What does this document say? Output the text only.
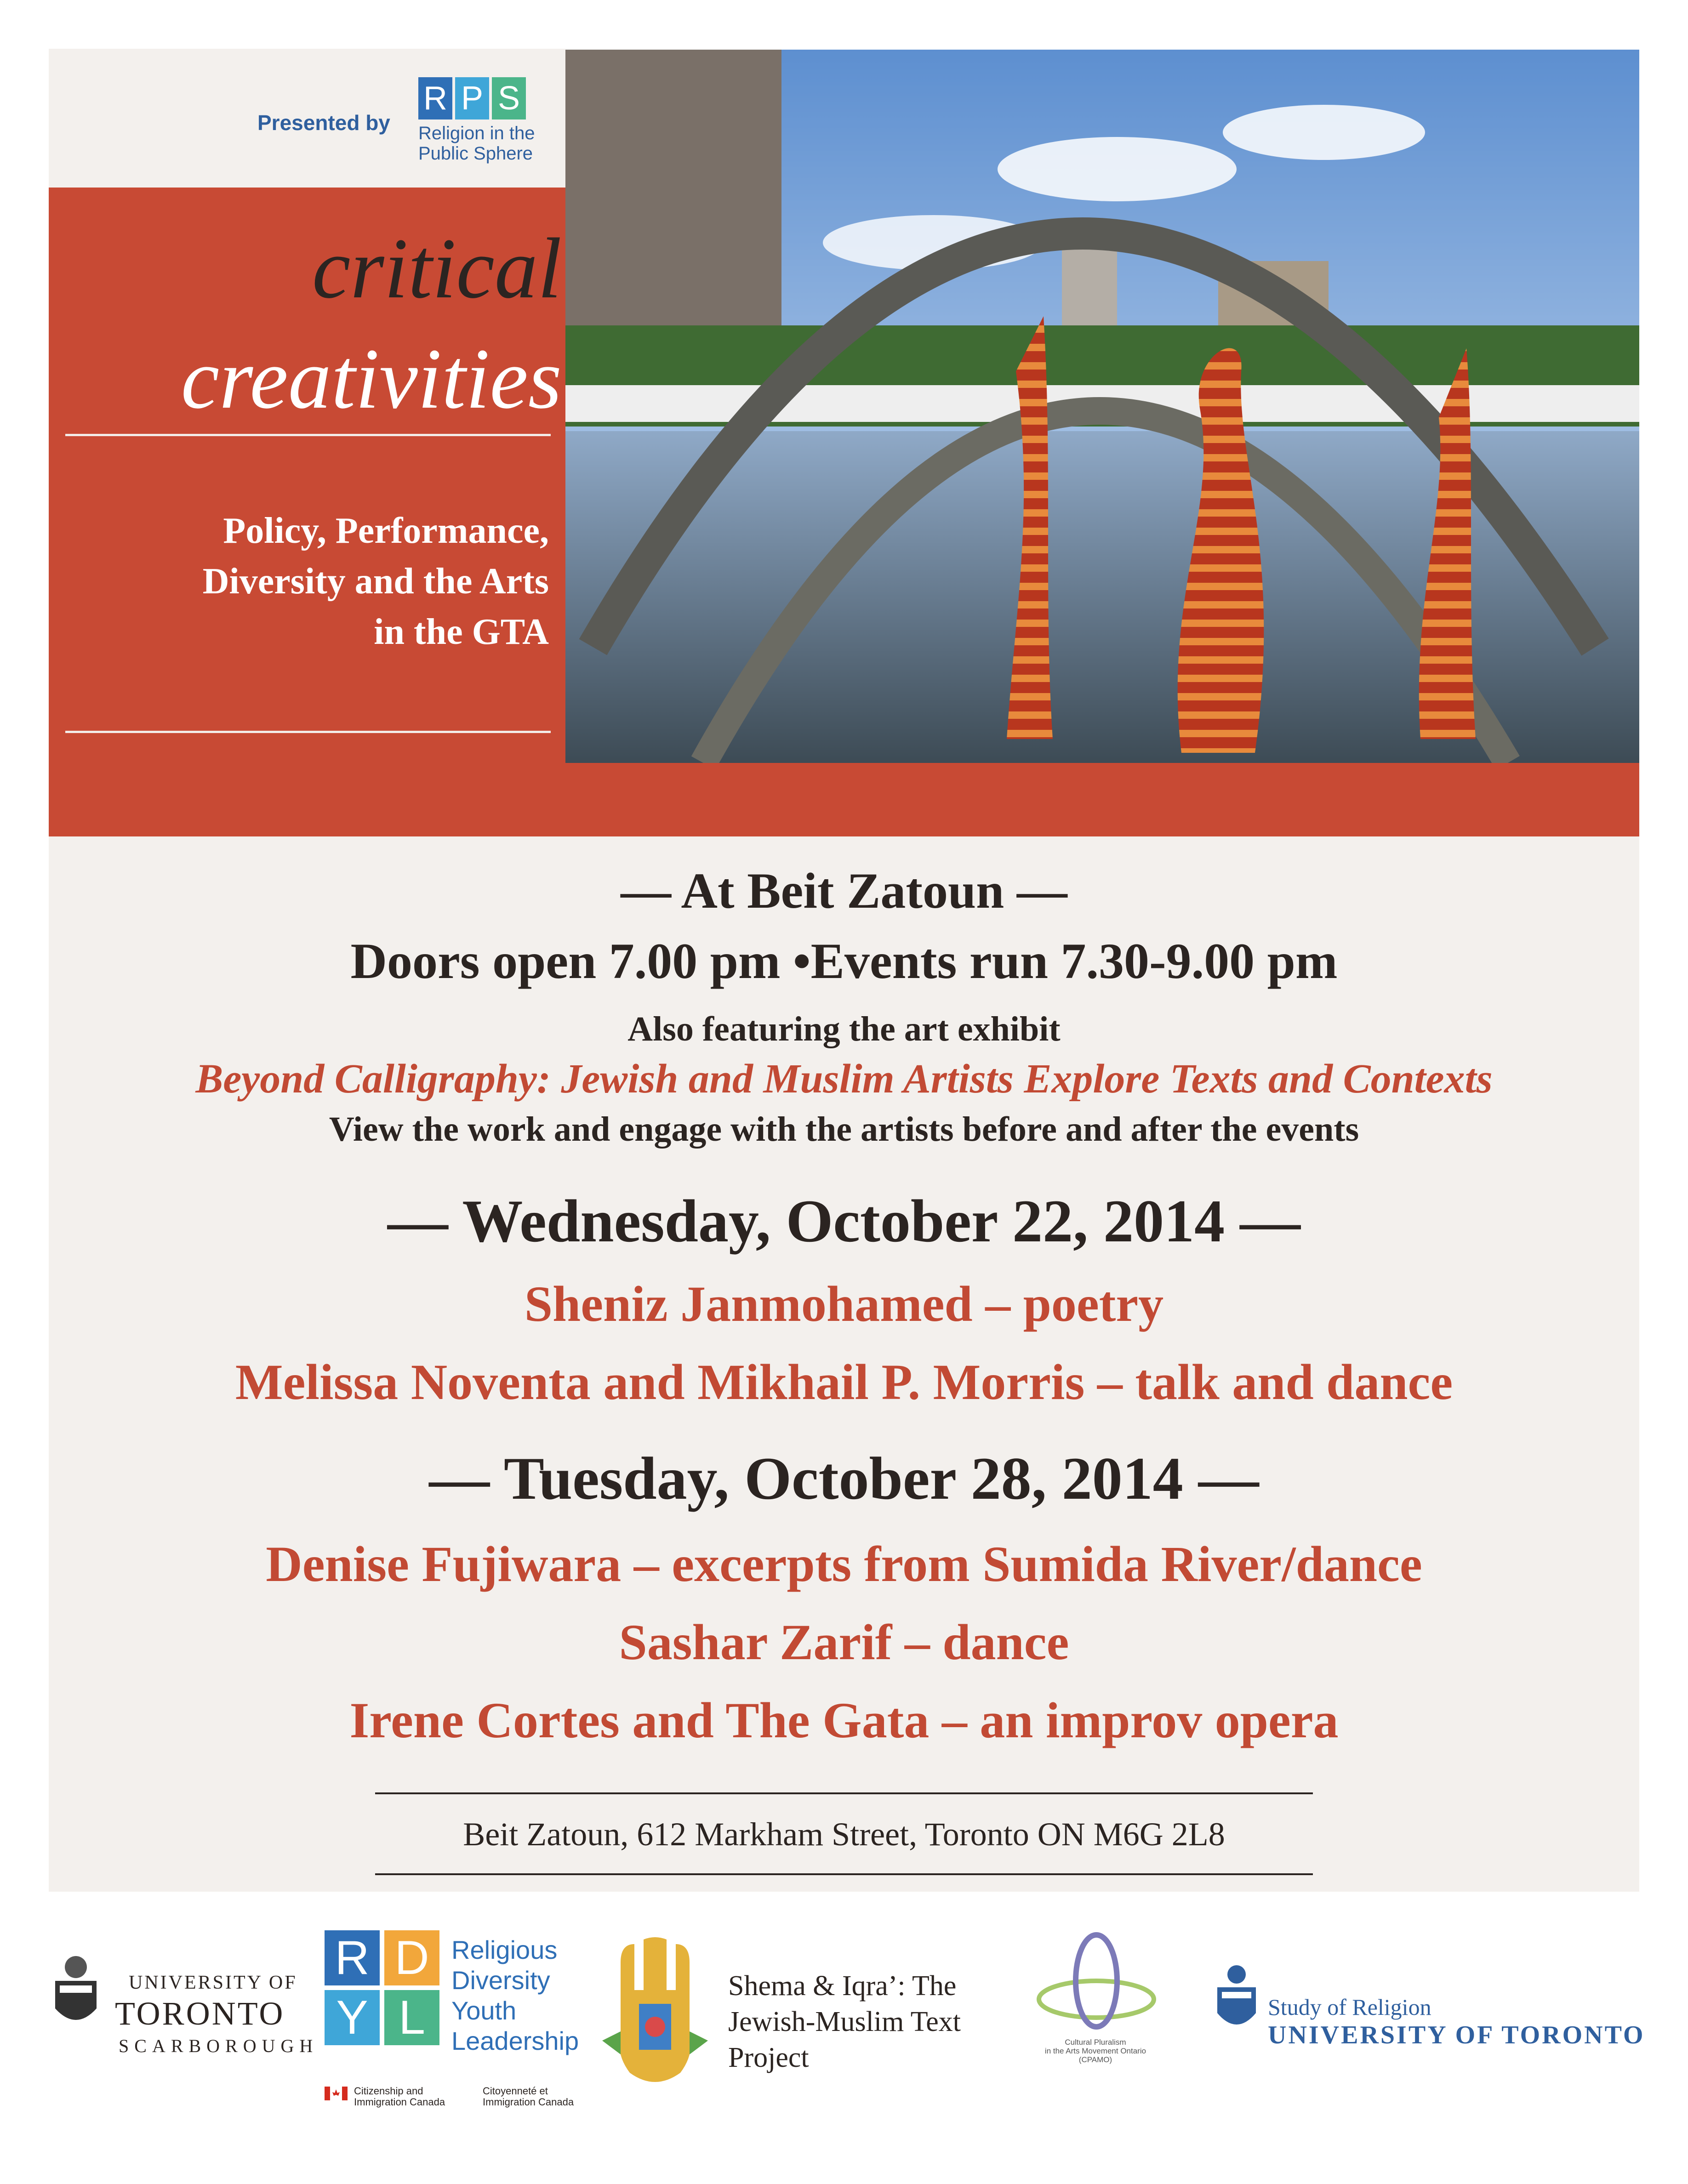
Presented by
R P S
Religion in the
Public Sphere
critical
creativities
Policy, Performance,
Diversity and the Arts
in the GTA
— At Beit Zatoun —
Doors open 7.00 pm •Events run 7.30-9.00 pm
Also featuring the art exhibit
Beyond Calligraphy: Jewish and Muslim Artists Explore Texts and Contexts
View the work and engage with the artists before and after the events
— Wednesday, October 22, 2014 —
Sheniz Janmohamed – poetry
Melissa Noventa and Mikhail P. Morris – talk and dance
— Tuesday, October 28, 2014 —
Denise Fujiwara – excerpts from Sumida River/dance
Sashar Zarif – dance
Irene Cortes and The Gata – an improv opera
Beit Zatoun, 612 Markham Street, Toronto ON M6G 2L8
UNIVERSITY OF
TORONTO
SCARBOROUGH
R D
Y L
Religious
Diversity
Youth
Leadership
Citizenship and
Immigration Canada
Citoyenneté et
Immigration Canada
Shema & Iqra’: The
Jewish-Muslim Text
Project	Cultural Pluralism
in the Arts Movement Ontario
(CPAMO)
Study of Religion
UNIVERSITY OF TORONTO
